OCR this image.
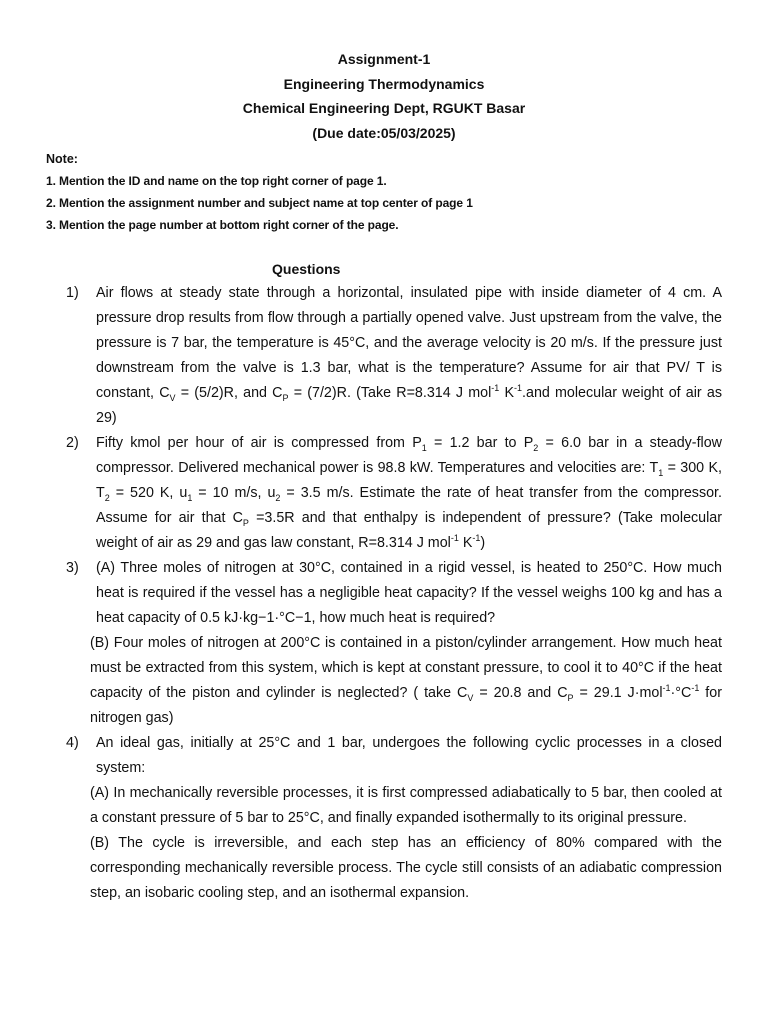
Assignment-1
Engineering Thermodynamics
Chemical Engineering Dept, RGUKT Basar
(Due date:05/03/2025)
Note:
1. Mention the ID and name on the top right corner of page 1.
2. Mention the assignment number and subject name at top center of page 1
3. Mention the page number at bottom right corner of the page.
Questions
1)	Air flows at steady state through a horizontal, insulated pipe with inside diameter of 4 cm. A pressure drop results from flow through a partially opened valve. Just upstream from the valve, the pressure is 7 bar, the temperature is 45°C, and the average velocity is 20 m/s. If the pressure just downstream from the valve is 1.3 bar, what is the temperature? Assume for air that PV/ T is constant, $C_V = (5/2)R$, and $C_P = (7/2)R$. (Take R=8.314 J mol$^{-1}$ $K^{-1}.and$ molecular weight of air as 29)
2)	Fifty kmol per hour of air is compressed from $P_1 = 1.2$ bar to $P_2 = 6.0$ bar in a steady-flow compressor. Delivered mechanical power is 98.8 kW. Temperatures and velocities are: $T_1 = 300$ K, $T_2 = 520$ K, $u_1 = 10$ m/s, $u_2 = 3.5$ m/s. Estimate the rate of heat transfer from the compressor. Assume for air that $C_P =3.5R$ and that enthalpy is independent of pressure? (Take molecular weight of air as 29 and gas law constant, R=8.314 J mol$^{-1}$ $K^{-1}$)
3)	(A) Three moles of nitrogen at 30°C, contained in a rigid vessel, is heated to 250°C. How much heat is required if the vessel has a negligible heat capacity? If the vessel weighs 100 kg and has a heat capacity of 0.5 kJ·kg−1·°C−1, how much heat is required?
(B) Four moles of nitrogen at 200°C is contained in a piston/cylinder arrangement. How much heat must be extracted from this system, which is kept at constant pressure, to cool it to 40°C if the heat capacity of the piston and cylinder is neglected? ( take $C_V = 20.8$ and $C_P = 29.1$ $J\cdot mol^{-1}\cdot^\circ C^{-1}$ for nitrogen gas)
4)	An ideal gas, initially at 25°C and 1 bar, undergoes the following cyclic processes in a closed system:
(A) In mechanically reversible processes, it is first compressed adiabatically to 5 bar, then cooled at a constant pressure of 5 bar to 25°C, and finally expanded isothermally to its original pressure.
(B) The cycle is irreversible, and each step has an efficiency of 80% compared with the corresponding mechanically reversible process. The cycle still consists of an adiabatic compression step, an isobaric cooling step, and an isothermal expansion.
